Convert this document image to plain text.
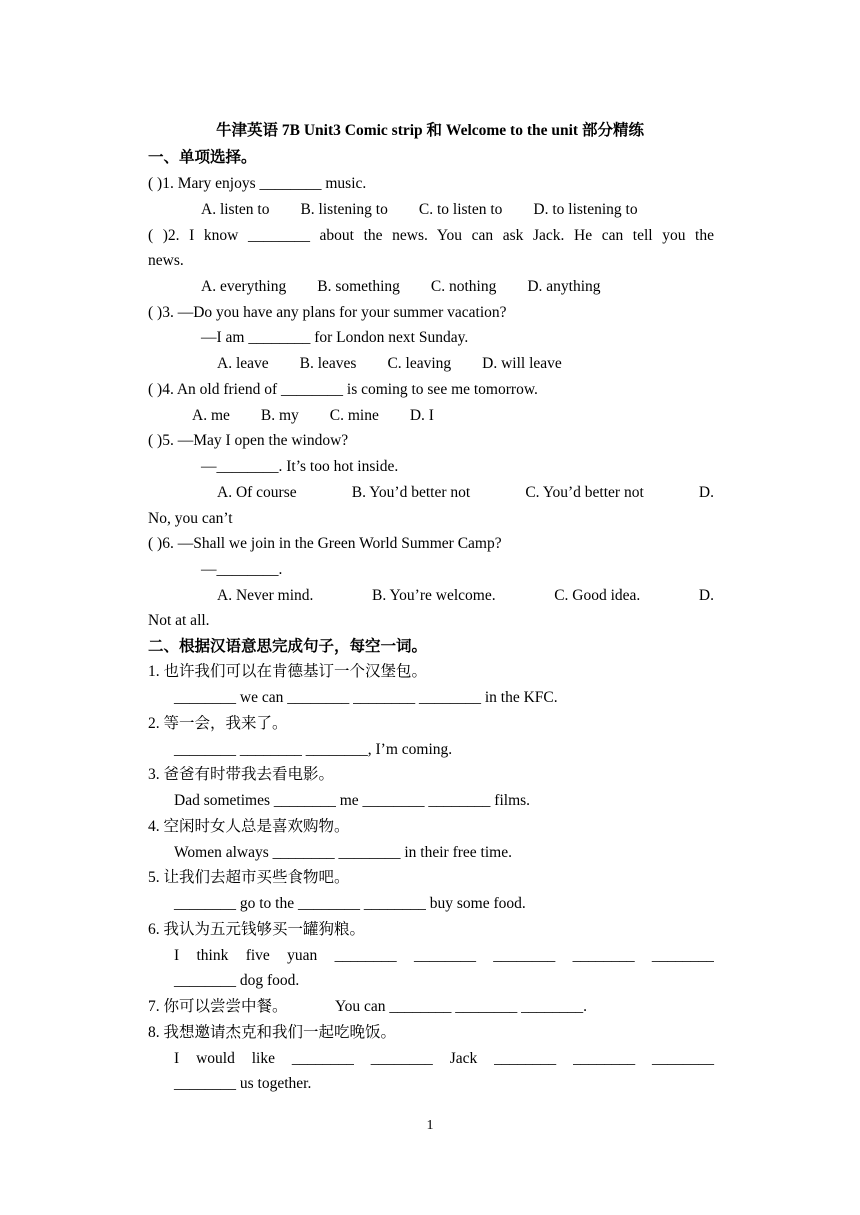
牛津英语 7B Unit3 Comic strip 和 Welcome to the unit 部分精练
一、单项选择。
( )1. Mary enjoys ________ music.
A. listen to        B. listening to        C. to listen to        D. to listening to
( )2. I know ________ about the news. You can ask Jack. He can tell you the
news.
A. everything        B. something        C. nothing        D. anything
( )3. —Do you have any plans for your summer vacation?
—I am ________ for London next Sunday.
A. leave        B. leaves        C. leaving        D. will leave
( )4. An old friend of ________ is coming to see me tomorrow.
A. me        B. my        C. mine        D. I
( )5. —May I open the window?
—________. It’s too hot inside.
A. Of course	B. You’d better not	C. You’d better not	D.
No, you can’t
( )6. —Shall we join in the Green World Summer Camp?
—________.
A. Never mind.	B. You’re welcome.	C. Good idea.	D.
Not at all.
二、根据汉语意思完成句子，每空一词。
1. 也许我们可以在肯德基订一个汉堡包。
________ we can ________ ________ ________ in the KFC.
2. 等一会，我来了。
________ ________ ________, I’m coming.
3. 爸爸有时带我去看电影。
Dad sometimes ________ me ________ ________ films.
4. 空闲时女人总是喜欢购物。
Women always ________ ________ in their free time.
5. 让我们去超市买些食物吧。
________ go to the ________ ________ buy some food.
6. 我认为五元钱够买一罐狗粮。
I think five yuan ________ ________ ________ ________ ________
________ dog food.
7. 你可以尝尝中餐。	You can ________ ________ ________.
8. 我想邀请杰克和我们一起吃晚饭。
I would like ________ ________ Jack ________ ________ ________
________ us together.
1
